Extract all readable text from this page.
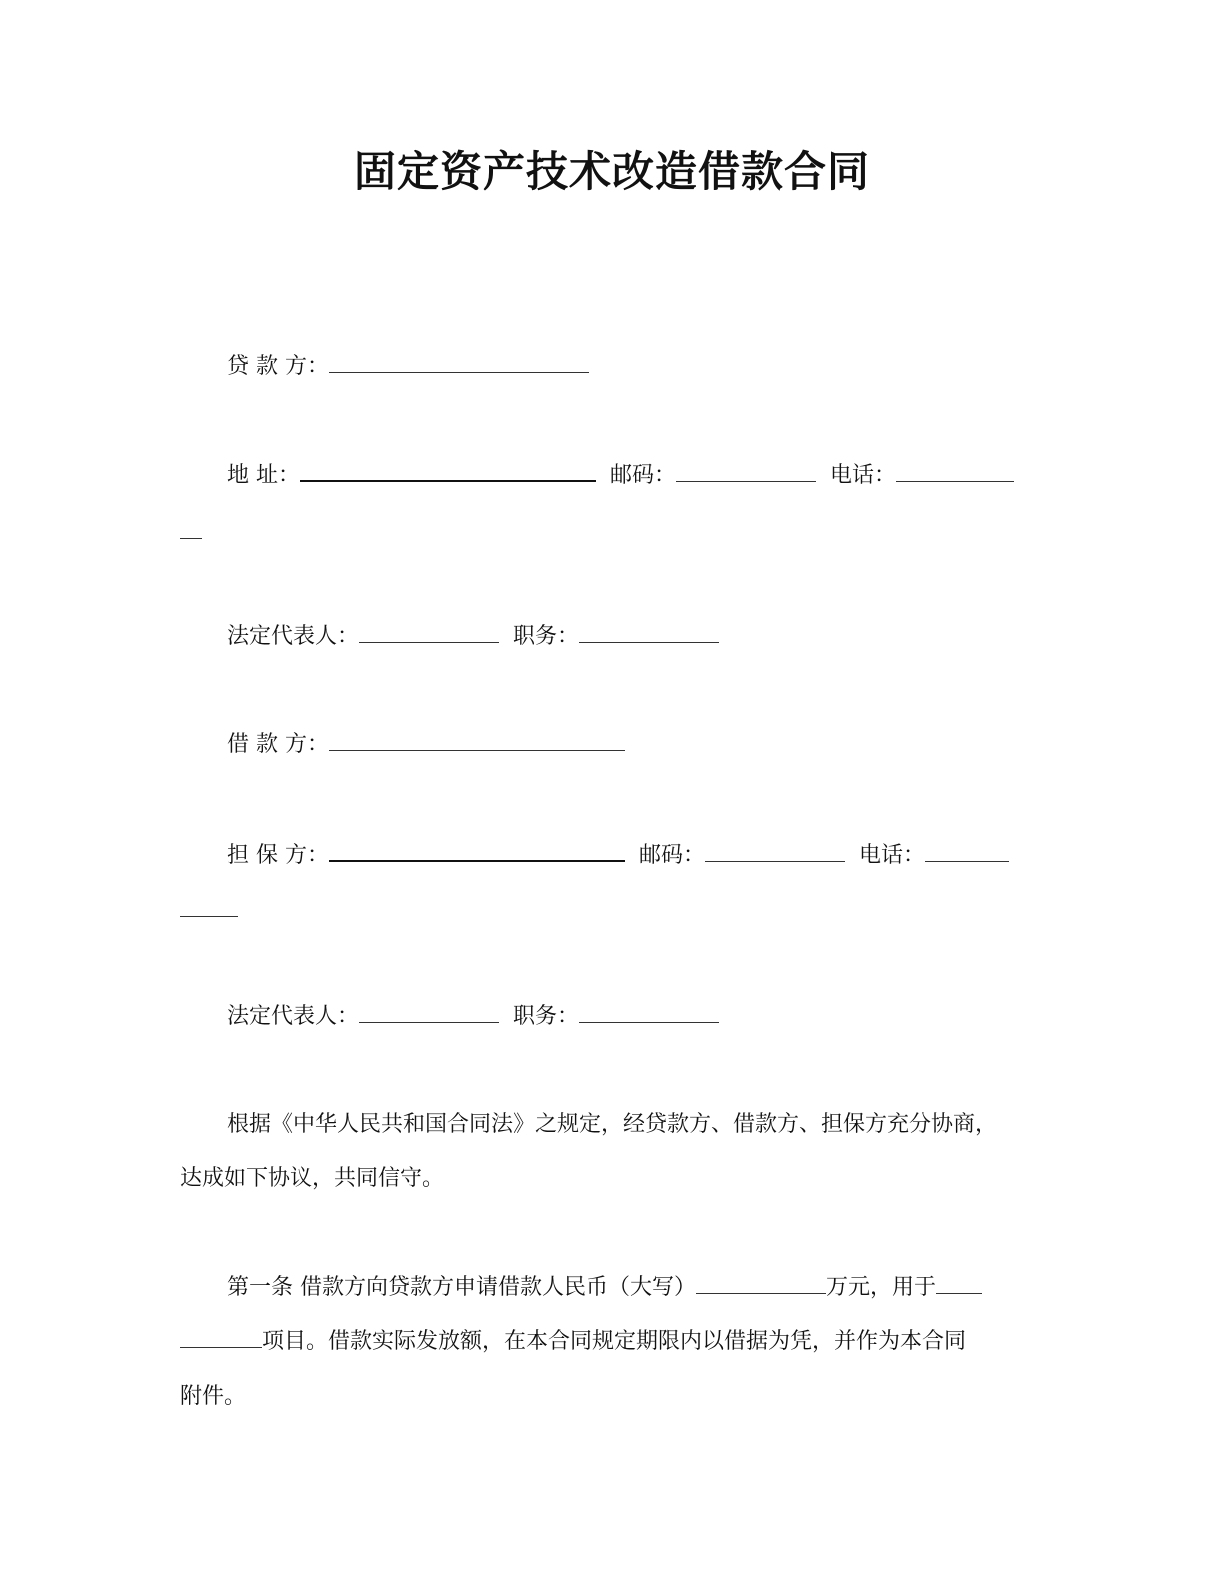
固定资产技术改造借款合同
贷 款 方：
地 址：	邮码：	电话：
法定代表人：	职务：
借 款 方：
担 保 方：	邮码：	电话：
法定代表人：	职务：
根据《中华人民共和国合同法》之规定，经贷款方、借款方、担保方充分协商，
达成如下协议，共同信守。
第一条 借款方向贷款方申请借款人民币（大写）	万元，用于
项目。借款实际发放额，在本合同规定期限内以借据为凭，并作为本合同
附件。
